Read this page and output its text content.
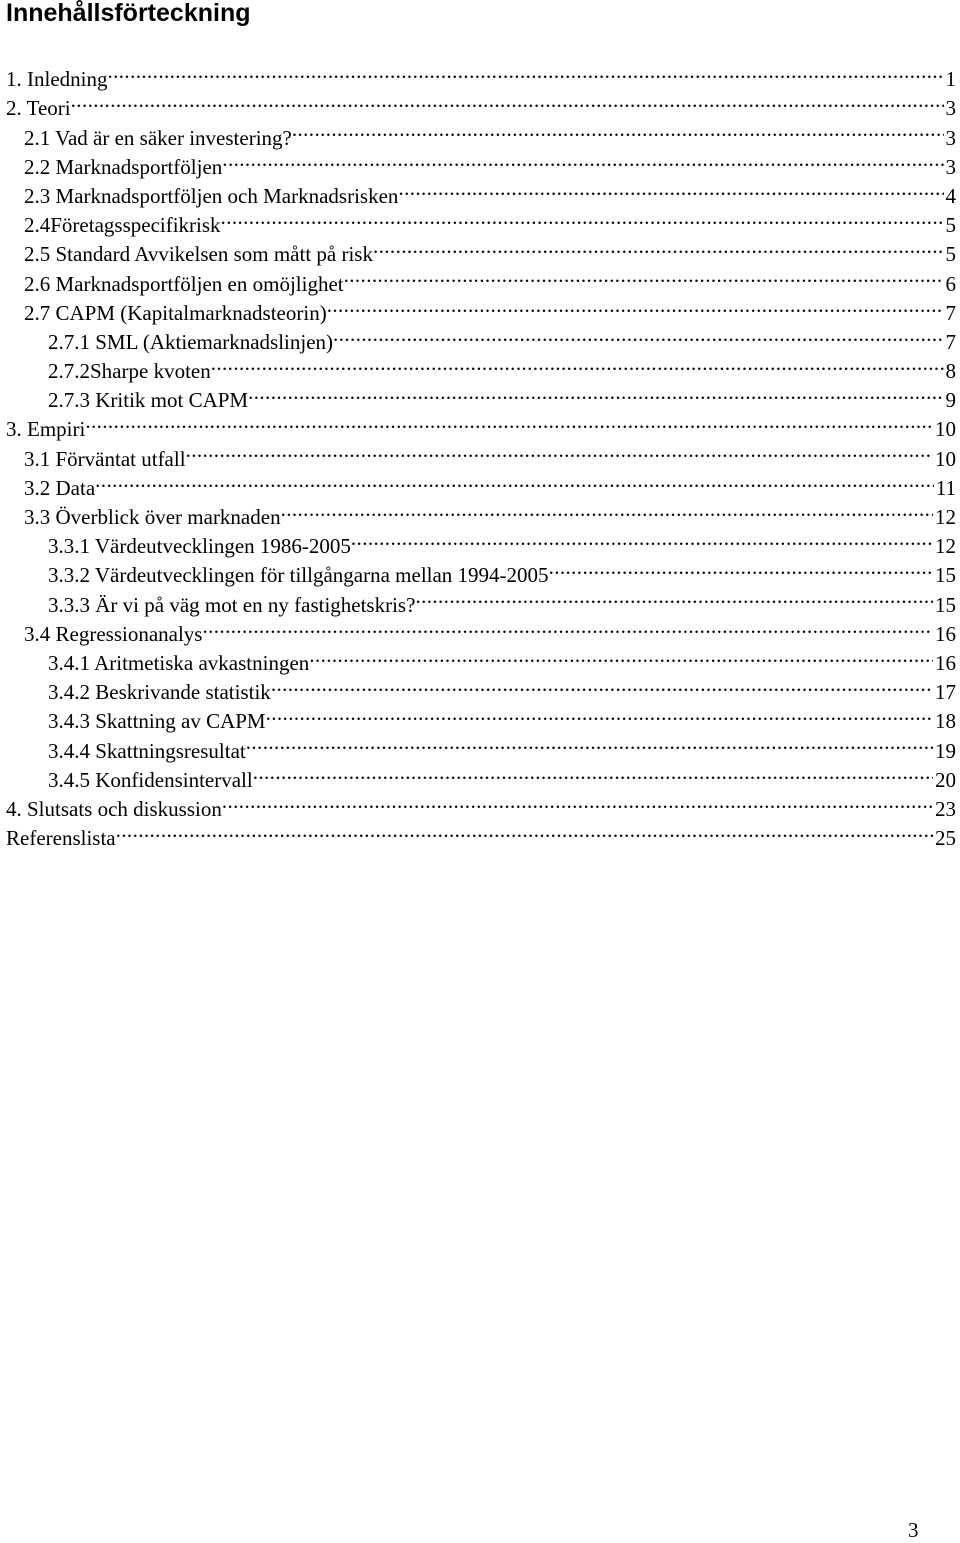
Innehållsförteckning
1. Inledning .....	1
2. Teori .....	3
2.1 Vad är en säker investering? .....	3
2.2 Marknadsportföljen .....	3
2.3 Marknadsportföljen och Marknadsrisken .....	4
2.4Företagsspecifikrisk .....	5
2.5 Standard Avvikelsen som mått på risk .....	5
2.6 Marknadsportföljen en omöjlighet .....	6
2.7 CAPM (Kapitalmarknadsteorin) .....	7
2.7.1 SML (Aktiemarknadslinjen) .....	7
2.7.2Sharpe kvoten .....	8
2.7.3 Kritik mot CAPM .....	9
3. Empiri .....	10
3.1 Förväntat utfall .....	10
3.2 Data .....	11
3.3 Överblick över marknaden .....	12
3.3.1 Värdeutvecklingen 1986-2005 .....	12
3.3.2 Värdeutvecklingen för tillgångarna mellan 1994-2005 .....	15
3.3.3 Är vi på väg mot en ny fastighetskris? .....	15
3.4 Regressionanalys .....	16
3.4.1 Aritmetiska avkastningen .....	16
3.4.2 Beskrivande statistik .....	17
3.4.3 Skattning av CAPM .....	18
3.4.4 Skattningsresultat .....	19
3.4.5 Konfidensintervall .....	20
4. Slutsats och diskussion .....	23
Referenslista .....	25
3
